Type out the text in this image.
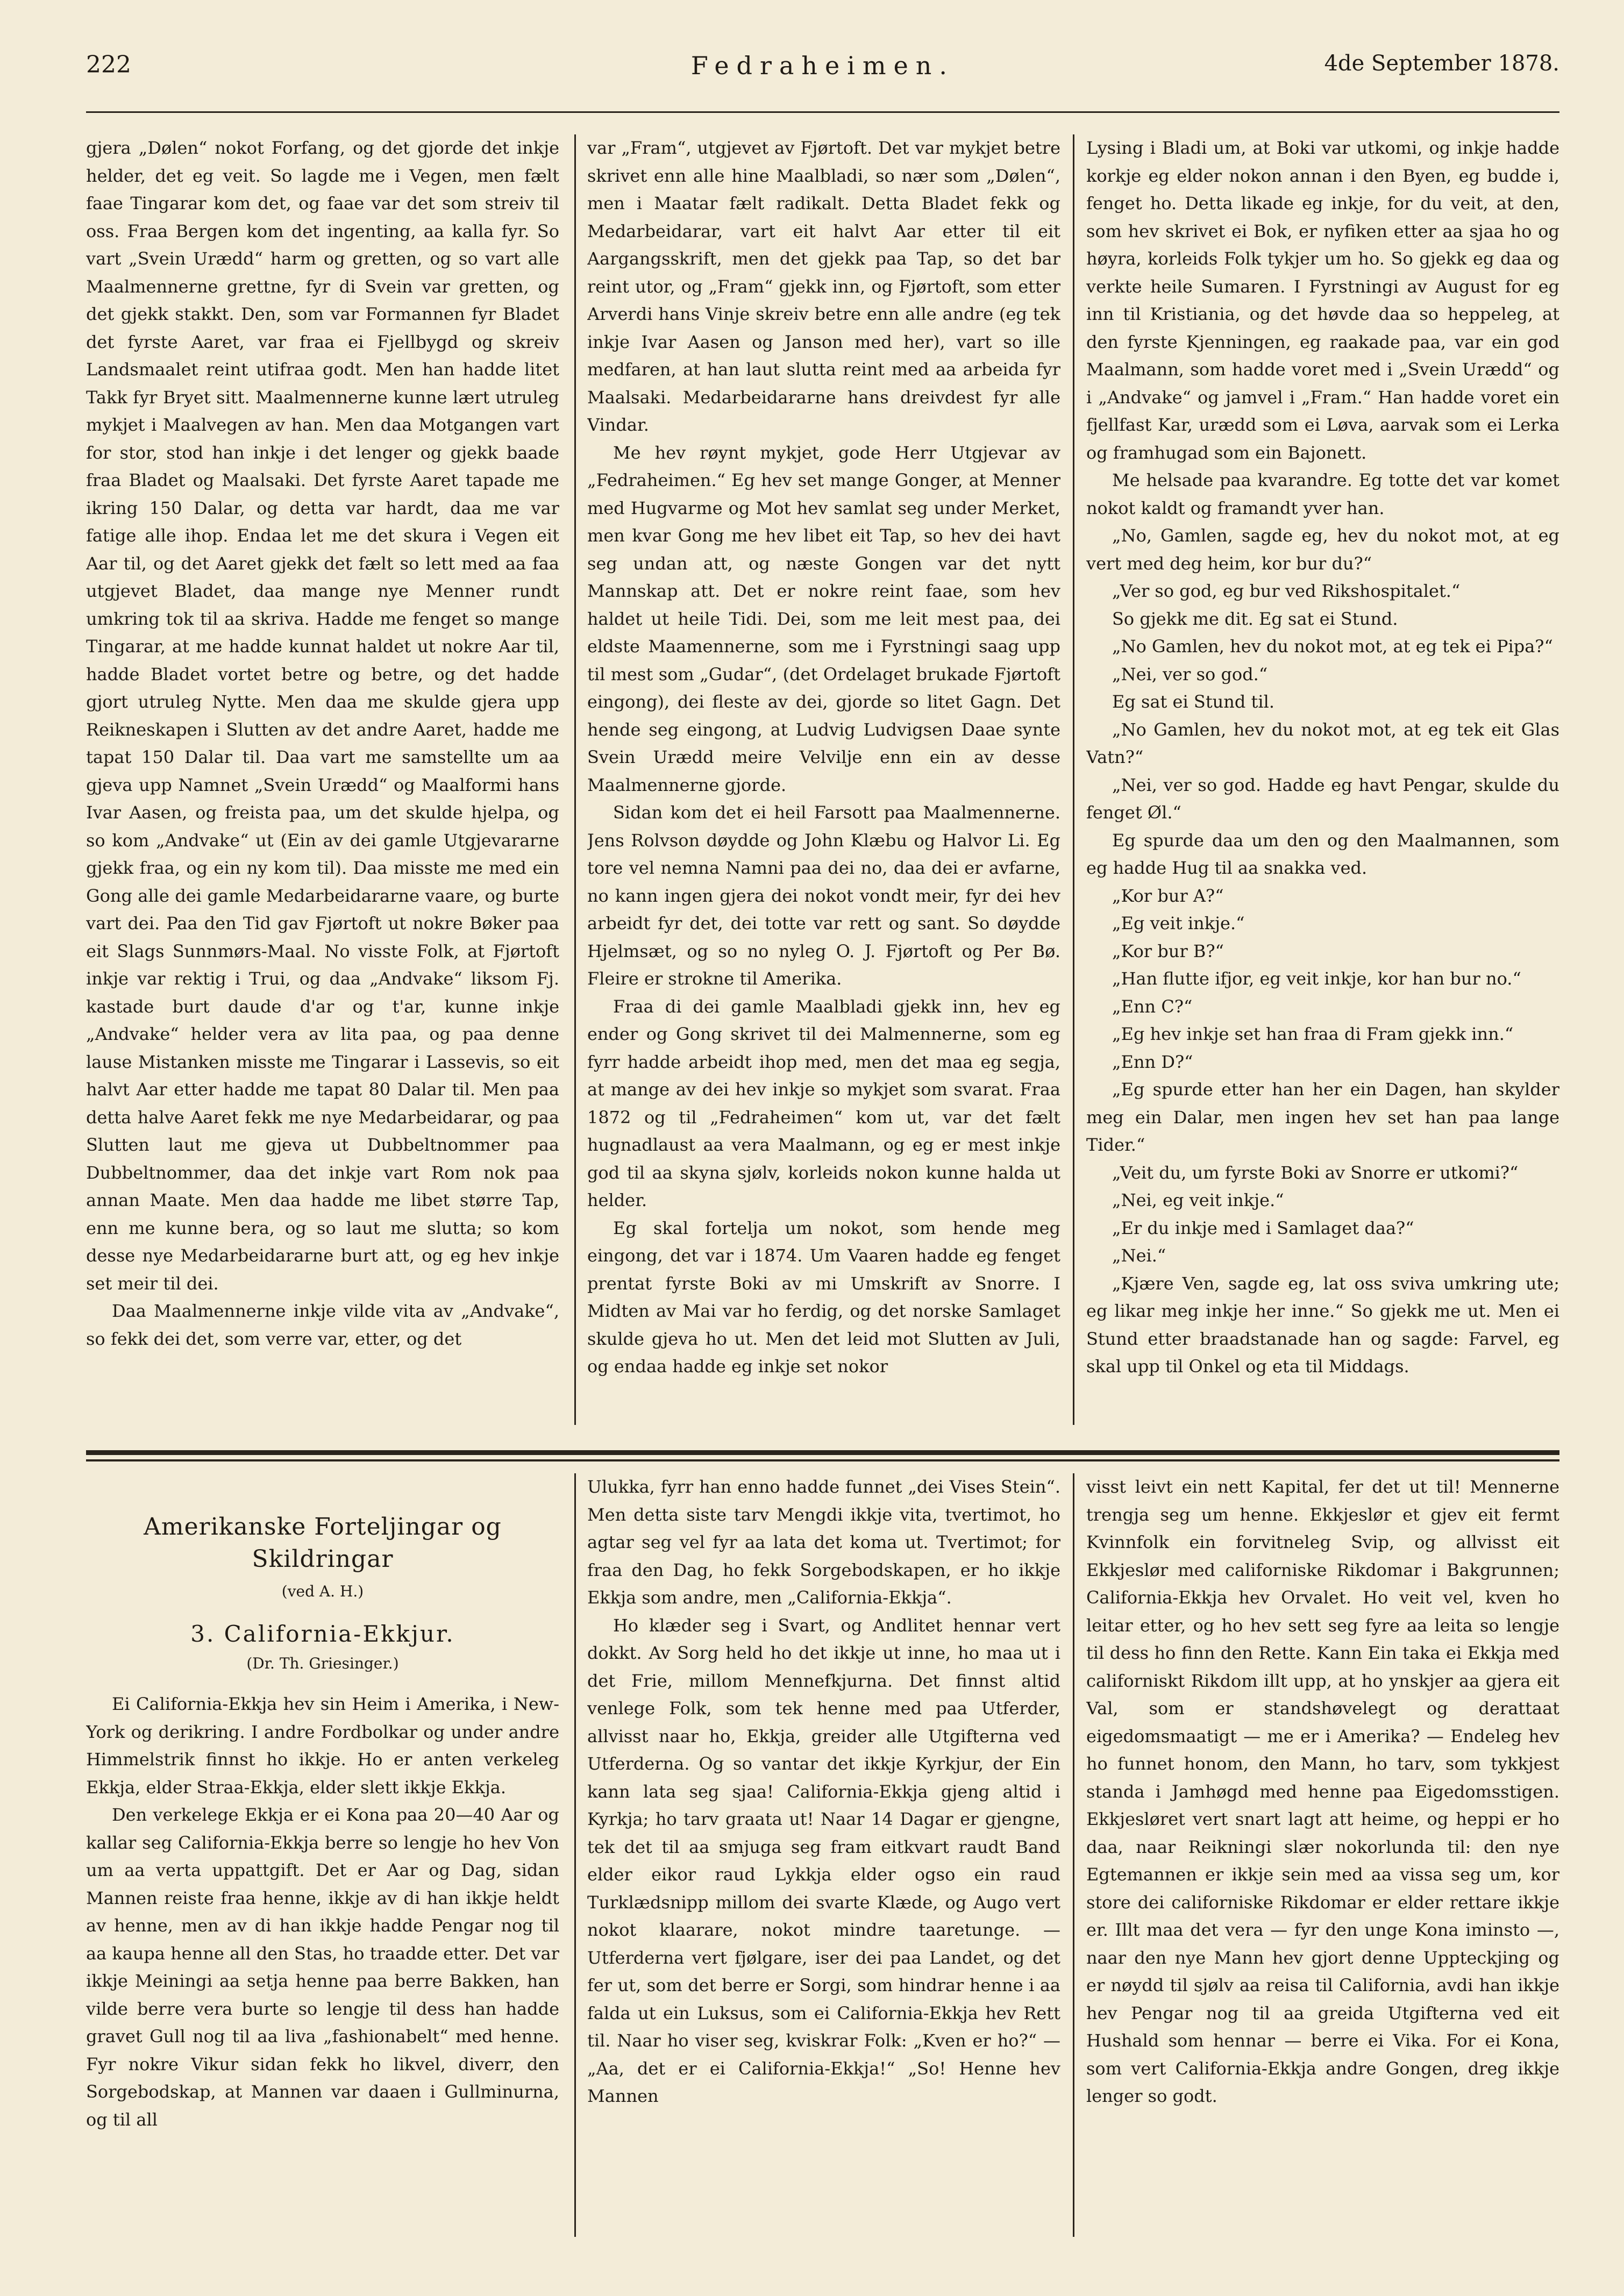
222	Fedraheimen.	4de September 1878.

gjera „Dølen“ nokot Forfang, og det gjorde det inkje helder, det eg veit. So lagde me i Vegen, men fælt faae Tingarar kom det, og faae var det som streiv til oss. Fraa Bergen kom det ingenting, aa kalla fyr. So vart „Svein Urædd“ harm og gretten, og so vart alle Maalmennerne grettne, fyr di Svein var gretten, og det gjekk stakkt. Den, som var Formannen fyr Bladet det fyrste Aaret, var fraa ei Fjellbygd og skreiv Landsmaalet reint utifraa godt. Men han hadde litet Takk fyr Bryet sitt. Maalmennerne kunne lært utruleg mykjet i Maalvegen av han. Men daa Motgangen vart for stor, stod han inkje i det lenger og gjekk baade fraa Bladet og Maalsaki. Det fyrste Aaret tapade me ikring 150 Dalar, og detta var hardt, daa me var fatige alle ihop. Endaa let me det skura i Vegen eit Aar til, og det Aaret gjekk det fælt so lett med aa faa utgjevet Bladet, daa mange nye Menner rundt umkring tok til aa skriva. Hadde me fenget so mange Tingarar, at me hadde kunnat haldet ut nokre Aar til, hadde Bladet vortet betre og betre, og det hadde gjort utruleg Nytte. Men daa me skulde gjera upp Reikneskapen i Slutten av det andre Aaret, hadde me tapat 150 Dalar til. Daa vart me samstellte um aa gjeva upp Namnet „Svein Urædd“ og Maalformi hans Ivar Aasen, og freista paa, um det skulde hjelpa, og so kom „Andvake“ ut (Ein av dei gamle Utgjevararne gjekk fraa, og ein ny kom til). Daa misste me med ein Gong alle dei gamle Medarbeidararne vaare, og burte vart dei. Paa den Tid gav Fjørtoft ut nokre Bøker paa eit Slags Sunnmørs-Maal. No visste Folk, at Fjørtoft inkje var rektig i Trui, og daa „Andvake“ liksom Fj. kastade burt daude d'ar og t'ar, kunne inkje „Andvake“ helder vera av lita paa, og paa denne lause Mistanken misste me Tingarar i Lassevis, so eit halvt Aar etter hadde me tapat 80 Dalar til. Men paa detta halve Aaret fekk me nye Medarbeidarar, og paa Slutten laut me gjeva ut Dubbeltnommer paa Dubbeltnommer, daa det inkje vart Rom nok paa annan Maate. Men daa hadde me libet større Tap, enn me kunne bera, og so laut me slutta; so kom desse nye Medarbeidararne burt att, og eg hev inkje set meir til dei.

Daa Maalmennerne inkje vilde vita av „Andvake“, so fekk dei det, som verre var, etter, og det

var „Fram“, utgjevet av Fjørtoft. Det var mykjet betre skrivet enn alle hine Maalbladi, so nær som „Dølen“, men i Maatar fælt radikalt. Detta Bladet fekk og Medarbeidarar, vart eit halvt Aar etter til eit Aargangsskrift, men det gjekk paa Tap, so det bar reint utor, og „Fram“ gjekk inn, og Fjørtoft, som etter Arverdi hans Vinje skreiv betre enn alle andre (eg tek inkje Ivar Aasen og Janson med her), vart so ille medfaren, at han laut slutta reint med aa arbeida fyr Maalsaki. Medarbeidararne hans dreivdest fyr alle Vindar.

Me hev røynt mykjet, gode Herr Utgjevar av „Fedraheimen.“ Eg hev set mange Gonger, at Menner med Hugvarme og Mot hev samlat seg under Merket, men kvar Gong me hev libet eit Tap, so hev dei havt seg undan att, og næste Gongen var det nytt Mannskap att. Det er nokre reint faae, som hev haldet ut heile Tidi. Dei, som me leit mest paa, dei eldste Maamennerne, som me i Fyrstningi saag upp til mest som „Gudar“, (det Ordelaget brukade Fjørtoft eingong), dei fleste av dei, gjorde so litet Gagn. Det hende seg eingong, at Ludvig Ludvigsen Daae synte Svein Urædd meire Velvilje enn ein av desse Maalmennerne gjorde.

Sidan kom det ei heil Farsott paa Maalmennerne. Jens Rolvson døydde og John Klæbu og Halvor Li. Eg tore vel nemna Namni paa dei no, daa dei er avfarne, no kann ingen gjera dei nokot vondt meir, fyr dei hev arbeidt fyr det, dei totte var rett og sant. So døydde Hjelmsæt, og so no nyleg O. J. Fjørtoft og Per Bø. Fleire er strokne til Amerika.

Fraa di dei gamle Maalbladi gjekk inn, hev eg ender og Gong skrivet til dei Malmennerne, som eg fyrr hadde arbeidt ihop med, men det maa eg segja, at mange av dei hev inkje so mykjet som svarat. Fraa 1872 og til „Fedraheimen“ kom ut, var det fælt hugnadlaust aa vera Maalmann, og eg er mest inkje god til aa skyna sjølv, korleids nokon kunne halda ut helder.

Eg skal fortelja um nokot, som hende meg eingong, det var i 1874. Um Vaaren hadde eg fenget prentat fyrste Boki av mi Umskrift av Snorre. I Midten av Mai var ho ferdig, og det norske Samlaget skulde gjeva ho ut. Men det leid mot Slutten av Juli, og endaa hadde eg inkje set nokor

Lysing i Bladi um, at Boki var utkomi, og inkje hadde korkje eg elder nokon annan i den Byen, eg budde i, fenget ho. Detta likade eg inkje, for du veit, at den, som hev skrivet ei Bok, er nyfiken etter aa sjaa ho og høyra, korleids Folk tykjer um ho. So gjekk eg daa og verkte heile Sumaren. I Fyrstningi av August for eg inn til Kristiania, og det høvde daa so heppeleg, at den fyrste Kjenningen, eg raakade paa, var ein god Maalmann, som hadde voret med i „Svein Urædd“ og i „Andvake“ og jamvel i „Fram.“ Han hadde voret ein fjellfast Kar, urædd som ei Løva, aarvak som ei Lerka og framhugad som ein Bajonett.

Me helsade paa kvarandre. Eg totte det var komet nokot kaldt og framandt yver han.

„No, Gamlen, sagde eg, hev du nokot mot, at eg vert med deg heim, kor bur du?“

„Ver so god, eg bur ved Rikshospitalet.“

So gjekk me dit. Eg sat ei Stund.

„No Gamlen, hev du nokot mot, at eg tek ei Pipa?“

„Nei, ver so god.“

Eg sat ei Stund til.

„No Gamlen, hev du nokot mot, at eg tek eit Glas Vatn?“

„Nei, ver so god. Hadde eg havt Pengar, skulde du fenget Øl.“

Eg spurde daa um den og den Maalmannen, som eg hadde Hug til aa snakka ved.

„Kor bur A?“

„Eg veit inkje.“

„Kor bur B?“

„Han flutte ifjor, eg veit inkje, kor han bur no.“

„Enn C?“

„Eg hev inkje set han fraa di Fram gjekk inn.“

„Enn D?“

„Eg spurde etter han her ein Dagen, han skylder meg ein Dalar, men ingen hev set han paa lange Tider.“

„Veit du, um fyrste Boki av Snorre er utkomi?“

„Nei, eg veit inkje.“

„Er du inkje med i Samlaget daa?“

„Nei.“

„Kjære Ven, sagde eg, lat oss sviva umkring ute; eg likar meg inkje her inne.“ So gjekk me ut. Men ei Stund etter braadstanade han og sagde: Farvel, eg skal upp til Onkel og eta til Middags.

Amerikanske Forteljingar og Skildringar
(ved A. H.)
3. California-Ekkjur.
(Dr. Th. Griesinger.)

Ei California-Ekkja hev sin Heim i Amerika, i New-York og derikring. I andre Fordbolkar og under andre Himmelstrik finnst ho ikkje. Ho er anten verkeleg Ekkja, elder Straa-Ekkja, elder slett ikkje Ekkja.

Den verkelege Ekkja er ei Kona paa 20—40 Aar og kallar seg California-Ekkja berre so lengje ho hev Von um aa verta uppattgift. Det er Aar og Dag, sidan Mannen reiste fraa henne, ikkje av di han ikkje heldt av henne, men av di han ikkje hadde Pengar nog til aa kaupa henne all den Stas, ho traadde etter. Det var ikkje Meiningi aa setja henne paa berre Bakken, han vilde berre vera burte so lengje til dess han hadde gravet Gull nog til aa liva „fashionabelt“ med henne. Fyr nokre Vikur sidan fekk ho likvel, diverr, den Sorgebodskap, at Mannen var daaen i Gullminurna, og til all

Ulukka, fyrr han enno hadde funnet „dei Vises Stein“. Men detta siste tarv Mengdi ikkje vita, tvertimot, ho agtar seg vel fyr aa lata det koma ut. Tvertimot; for fraa den Dag, ho fekk Sorgebodskapen, er ho ikkje Ekkja som andre, men „California-Ekkja“.

Ho klæder seg i Svart, og Andlitet hennar vert dokkt. Av Sorg held ho det ikkje ut inne, ho maa ut i det Frie, millom Mennefkjurna. Det finnst altid venlege Folk, som tek henne med paa Utferder, allvisst naar ho, Ekkja, greider alle Utgifterna ved Utferderna. Og so vantar det ikkje Kyrkjur, der Ein kann lata seg sjaa! California-Ekkja gjeng altid i Kyrkja; ho tarv graata ut! Naar 14 Dagar er gjengne, tek det til aa smjuga seg fram eitkvart raudt Band elder eikor raud Lykkja elder ogso ein raud Turklædsnipp millom dei svarte Klæde, og Augo vert nokot klaarare, nokot mindre taaretunge. — Utferderna vert fjølgare, iser dei paa Landet, og det fer ut, som det berre er Sorgi, som hindrar henne i aa falda ut ein Luksus, som ei California-Ekkja hev Rett til. Naar ho viser seg, kviskrar Folk: „Kven er ho?“ — „Aa, det er ei California-Ekkja!“ „So! Henne hev Mannen

visst leivt ein nett Kapital, fer det ut til! Mennerne trengja seg um henne. Ekkjeslør et gjev eit fermt Kvinnfolk ein forvitneleg Svip, og allvisst eit Ekkjeslør med californiske Rikdomar i Bakgrunnen; California-Ekkja hev Orvalet. Ho veit vel, kven ho leitar etter, og ho hev sett seg fyre aa leita so lengje til dess ho finn den Rette. Kann Ein taka ei Ekkja med californiskt Rikdom illt upp, at ho ynskjer aa gjera eit Val, som er standshøvelegt og derattaat eigedomsmaatigt — me er i Amerika? — Endeleg hev ho funnet honom, den Mann, ho tarv, som tykkjest standa i Jamhøgd med henne paa Eigedomsstigen. Ekkjesløret vert snart lagt att heime, og heppi er ho daa, naar Reikningi slær nokorlunda til: den nye Egtemannen er ikkje sein med aa vissa seg um, kor store dei californiske Rikdomar er elder rettare ikkje er. Illt maa det vera — fyr den unge Kona iminsto —, naar den nye Mann hev gjort denne Uppteckjing og er nøydd til sjølv aa reisa til California, avdi han ikkje hev Pengar nog til aa greida Utgifterna ved eit Hushald som hennar — berre ei Vika. For ei Kona, som vert California-Ekkja andre Gongen, dreg ikkje lenger so godt.
